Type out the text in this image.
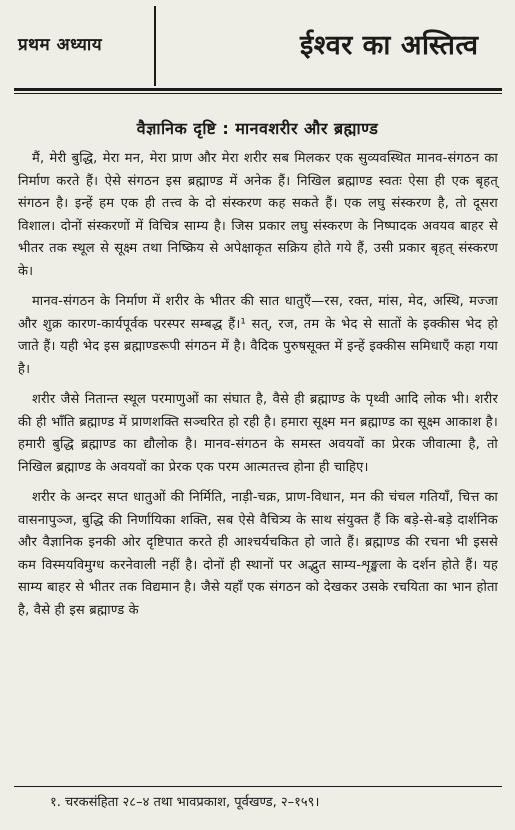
प्रथम अध्याय	ईश्वर का अस्तित्व
वैज्ञानिक दृष्टि : मानवशरीर और ब्रह्माण्ड

मैं, मेरी बुद्धि, मेरा मन, मेरा प्राण और मेरा शरीर सब मिलकर एक सुव्यवस्थित मानव-संगठन का निर्माण करते हैं। ऐसे संगठन इस ब्रह्माण्ड में अनेक हैं। निखिल ब्रह्माण्ड स्वतः ऐसा ही एक बृहत् संगठन है। इन्हें हम एक ही तत्त्व के दो संस्करण कह सकते हैं। एक लघु संस्करण है, तो दूसरा विशाल। दोनों संस्करणों में विचित्र साम्य है। जिस प्रकार लघु संस्करण के निष्पादक अवयव बाहर से भीतर तक स्थूल से सूक्ष्म तथा निष्क्रिय से अपेक्षाकृत सक्रिय होते गये हैं, उसी प्रकार बृहत् संस्करण के।

मानव-संगठन के निर्माण में शरीर के भीतर की सात धातुएँ—रस, रक्त, मांस, मेद, अस्थि, मज्जा और शुक्र कारण-कार्यपूर्वक परस्पर सम्बद्ध हैं।¹ सत्, रज, तम के भेद से सातों के इक्कीस भेद हो जाते हैं। यही भेद इस ब्रह्माण्डरूपी संगठन में है। वैदिक पुरुषसूक्त में इन्हें इक्कीस समिधाएँ कहा गया है।

शरीर जैसे नितान्त स्थूल परमाणुओं का संघात है, वैसे ही ब्रह्माण्ड के पृथ्वी आदि लोक भी। शरीर की ही भाँति ब्रह्माण्ड में प्राणशक्ति सञ्चरित हो रही है। हमारा सूक्ष्म मन ब्रह्माण्ड का सूक्ष्म आकाश है। हमारी बुद्धि ब्रह्माण्ड का द्यौलोक है। मानव-संगठन के समस्त अवयवों का प्रेरक जीवात्मा है, तो निखिल ब्रह्माण्ड के अवयवों का प्रेरक एक परम आत्मतत्त्व होना ही चाहिए।

शरीर के अन्दर सप्त धातुओं की निर्मिति, नाड़ी-चक्र, प्राण-विधान, मन की चंचल गतियाँ, चित्त का वासनापुञ्ज, बुद्धि की निर्णायिका शक्ति, सब ऐसे वैचित्र्य के साथ संयुक्त हैं कि बड़े-से-बड़े दार्शनिक और वैज्ञानिक इनकी ओर दृष्टिपात करते ही आश्चर्यचकित हो जाते हैं। ब्रह्माण्ड की रचना भी इससे कम विस्मयविमुग्ध करनेवाली नहीं है। दोनों ही स्थानों पर अद्भुत साम्य-शृङ्खला के दर्शन होते हैं। यह साम्य बाहर से भीतर तक विद्यमान है। जैसे यहाँ एक संगठन को देखकर उसके रचयिता का भान होता है, वैसे ही इस ब्रह्माण्ड के

१. चरकसंहिता २८–४ तथा भावप्रकाश, पूर्वखण्ड, २–१५९।
